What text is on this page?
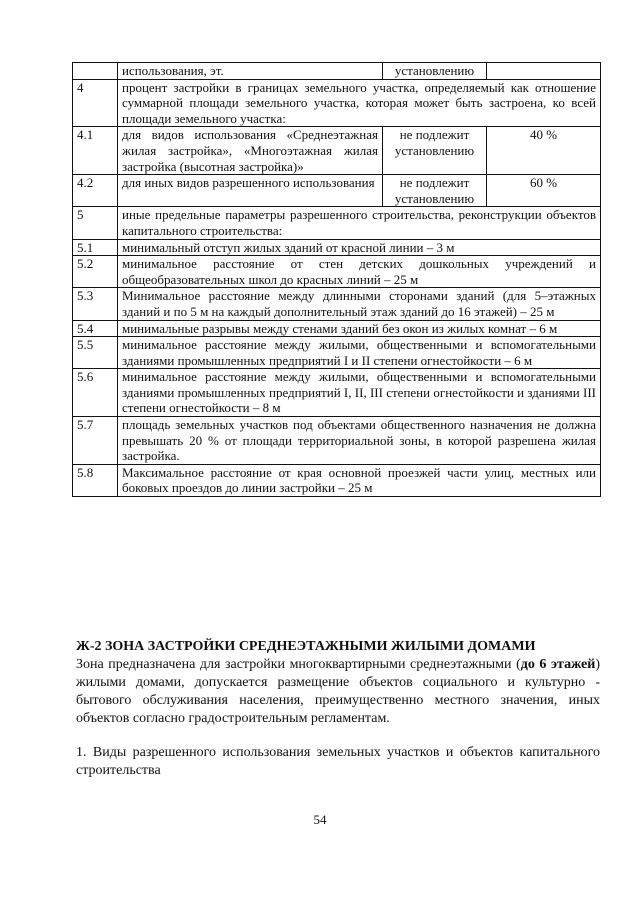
	использования, эт.	установлению	
4	процент застройки в границах земельного участка, определяемый как отношение суммарной площади земельного участка, которая может быть застроена, ко всей площади земельного участка:		
4.1	для видов использования «Среднеэтажная жилая застройка», «Многоэтажная жилая застройка (высотная застройка)»	не подлежит установлению	40 %
4.2	для иных видов разрешенного использования	не подлежит установлению	60 %
5	иные предельные параметры разрешенного строительства, реконструкции объектов капитального строительства:		
5.1	минимальный отступ жилых зданий от красной линии – 3 м		
5.2	минимальное расстояние от стен детских дошкольных учреждений и общеобразовательных школ до красных линий – 25 м		
5.3	Минимальное расстояние между длинными сторонами зданий (для 5–этажных зданий и по 5 м на каждый дополнительный этаж зданий до 16 этажей) – 25 м		
5.4	минимальные разрывы между стенами зданий без окон из жилых комнат – 6 м		
5.5	минимальное расстояние между жилыми, общественными и вспомогательными зданиями промышленных предприятий I и II степени огнестойкости – 6 м		
5.6	минимальное расстояние между жилыми, общественными и вспомогательными зданиями промышленных предприятий I, II, III степени огнестойкости и зданиями III степени огнестойкости – 8 м		
5.7	площадь земельных участков под объектами общественного назначения не должна превышать 20 % от площади территориальной зоны, в которой разрешена жилая застройка.		
5.8	Максимальное расстояние от края основной проезжей части улиц, местных или боковых проездов до линии застройки – 25 м		
Ж-2 ЗОНА ЗАСТРОЙКИ СРЕДНЕЭТАЖНЫМИ ЖИЛЫМИ ДОМАМИ
Зона предназначена для застройки многоквартирными среднеэтажными (до 6 этажей) жилыми домами, допускается размещение объектов социального и культурно - бытового обслуживания населения, преимущественно местного значения, иных объектов согласно градостроительным регламентам.
1. Виды разрешенного использования земельных участков и объектов капитального строительства
54
